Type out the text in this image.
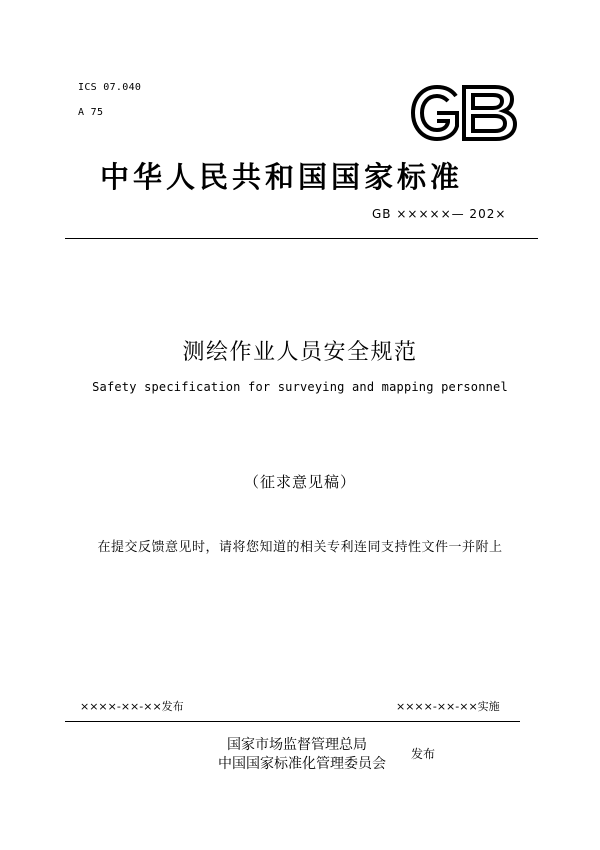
ICS 07.040
A 75
中华人民共和国国家标准
GB ×××××— 202×
测绘作业人员安全规范
Safety specification for surveying and mapping personnel
（征求意见稿）
在提交反馈意见时，请将您知道的相关专利连同支持性文件一并附上
××××-××-××发布	××××-××-××实施
国家市场监督管理总局
中国国家标准化管理委员会
发布
